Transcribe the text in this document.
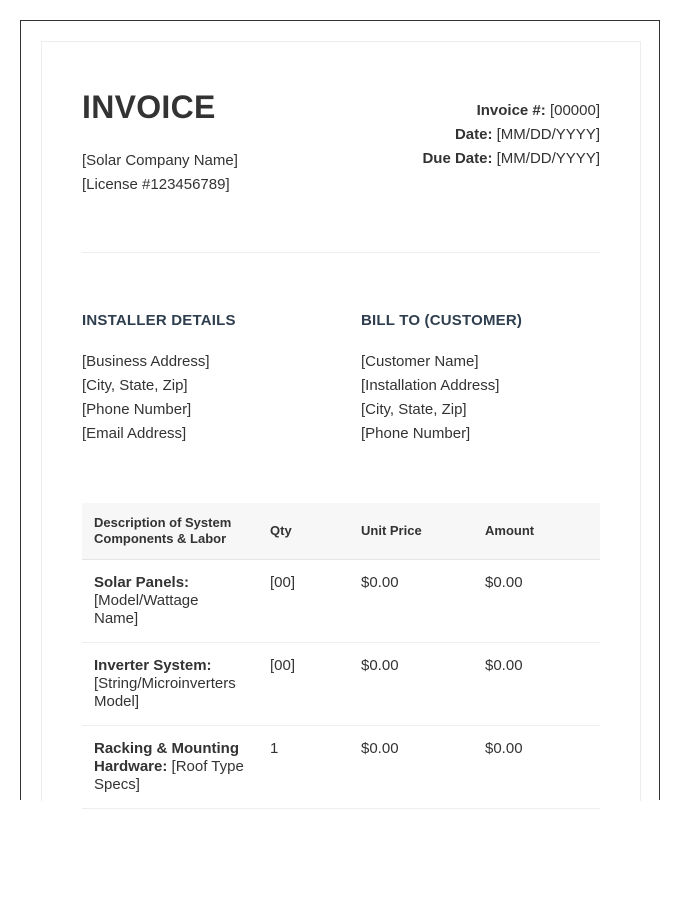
INVOICE
[Solar Company Name]
[License #123456789]
Invoice #: [00000]
Date: [MM/DD/YYYY]
Due Date: [MM/DD/YYYY]
INSTALLER DETAILS
[Business Address]
[City, State, Zip]
[Phone Number]
[Email Address]
BILL TO (CUSTOMER)
[Customer Name]
[Installation Address]
[City, State, Zip]
[Phone Number]
Description of System Components & Labor	Qty	Unit Price	Amount
Solar Panels: [Model/Wattage Name]	[00]	$0.00	$0.00
Inverter System: [String/Microinverters Model]	[00]	$0.00	$0.00
Racking & Mounting Hardware: [Roof Type Specs]	1	$0.00	$0.00
